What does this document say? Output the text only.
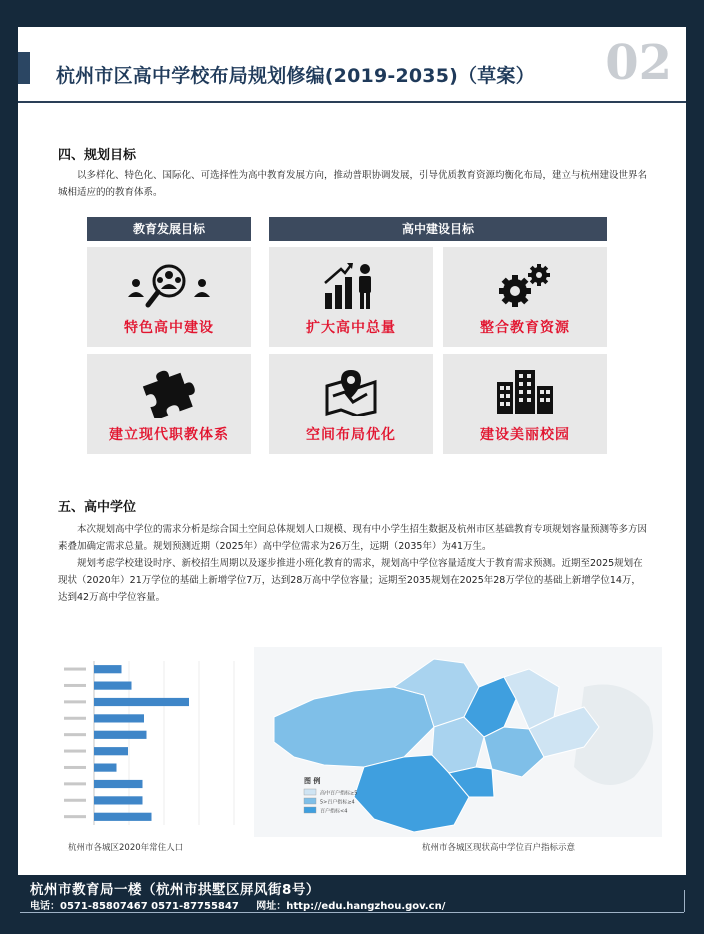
杭州市区高中学校布局规划修编(2019-2035)（草案） 02
四、规划目标
以多样化、特色化、国际化、可选择性为高中教育发展方向，推动普职协调发展，引导优质教育资源均衡化布局，建立与杭州建设世界名城相适应的的教育体系。
教育发展目标	高中建设目标
特色高中建设	扩大高中总量	整合教育资源
建立现代职教体系	空间布局优化	建设美丽校园
五、高中学位
本次规划高中学位的需求分析是综合国土空间总体规划人口规模、现有中小学生招生数据及杭州市区基础教育专项规划容量预测等多方因素叠加确定需求总量。规划预测近期（2025年）高中学位需求为26万生，远期（2035年）为41万生。
规划考虑学校建设时序、新校招生周期以及逐步推进小班化教育的需求，规划高中学位容量适度大于教育需求预测。近期至2025规划在现状（2020年）21万学位的基础上新增学位7万，达到28万高中学位容量；远期至2035规划在2025年28万学位的基础上新增学位14万，达到42万高中学位容量。
图 例
高中百户指标≥5
5>百户指标≥4
百户指标<4
杭州市各城区2020年常住人口	杭州市各城区现状高中学位百户指标示意
杭州市教育局一楼（杭州市拱墅区屏风街8号）
电话：0571-85807467 0571-87755847 网址：http://edu.hangzhou.gov.cn/
